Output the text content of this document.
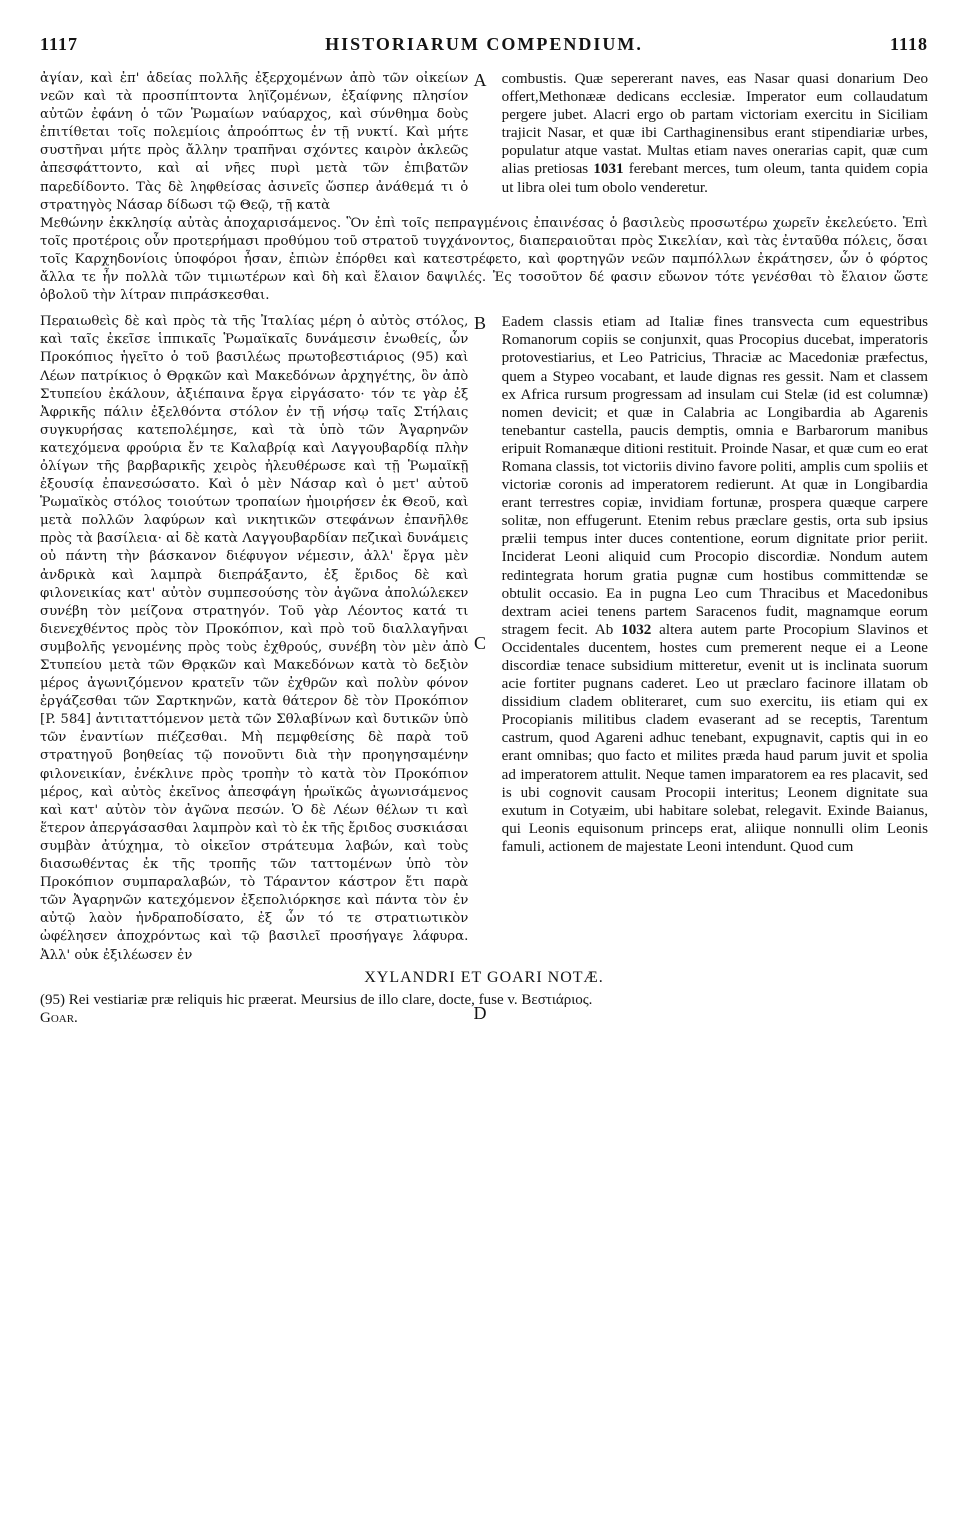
1117	HISTORIARUM COMPENDIUM.	1118

ἀγίαν, καὶ ἐπ' ἀδείας πολλῆς ἐξερχομένων ἀπὸ τῶν οἰκείων νεῶν καὶ τὰ προσπίπτοντα ληϊζομένων, ἐξαίφνης πλησίον αὐτῶν ἐφάνη ὁ τῶν Ῥωμαίων ναύαρχος, καὶ σύνθημα δοὺς ἐπιτίθεται τοῖς πολεμίοις ἀπροόπτως ἐν τῇ νυκτί. Καὶ μήτε συστῆναι μήτε πρὸς ἄλλην τραπῆναι σχόντες καιρὸν ἀκλεῶς ἀπεσφάττοντο, καὶ αἱ νῆες πυρὶ μετὰ τῶν ἐπιβατῶν παρεδίδοντο. Τὰς δὲ ληφθείσας ἀσινεῖς ὥσπερ ἀνάθεμά τι ὁ στρατηγὸς Νάσαρ δίδωσι τῷ Θεῷ, τῇ κατὰ

A	combustis. Quæ sepererant naves, eas Nasar quasi donarium Deo offert,Methonææ dedicans ecclesiæ. Imperator eum collaudatum pergere jubet. Alacri ergo ob partam victoriam exercitu in Siciliam trajicit Nasar, et quæ ibi Carthaginensibus erant stipendiariæ urbes, populatur atque vastat. Multas etiam naves onerarias capit, quæ cum alias pretiosas 1031 ferebant merces, tum oleum, tanta quidem copia ut libra olei tum obolo venderetur.

Μεθώνην ἐκκλησίᾳ αὐτὰς ἀποχαρισάμενος. Ὃν ἐπὶ τοῖς πεπραγμένοις ἐπαινέσας ὁ βασιλεὺς προσωτέρω χωρεῖν ἐκελεύετο. Ἐπὶ τοῖς προτέροις οὖν προτερήμασι προθύμου τοῦ στρατοῦ τυγχάνοντος, διαπεραιοῦται πρὸς Σικελίαν, καὶ τὰς ἐνταῦθα πόλεις, ὅσαι τοῖς Καρχηδονίοις ὑποφόροι ἦσαν, ἐπιὼν ἐπόρθει καὶ κατεστρέφετο, καὶ φορτηγῶν νεῶν παμπόλλων ἐκράτησεν, ὧν ὁ φόρτος ἄλλα τε ἦν πολλὰ τῶν τιμιωτέρων καὶ δὴ καὶ ἔλαιον δαψιλές. Ἐς τοσοῦτον δέ φασιν εὔωνον τότε γενέσθαι τὸ ἔλαιον ὥστε ὀβολοῦ τὴν λίτραν πιπράσκεσθαι.

Περαιωθεὶς δὲ καὶ πρὸς τὰ τῆς Ἰταλίας μέρη ὁ αὐτὸς στόλος, καὶ ταῖς ἐκεῖσε ἱππικαῖς Ῥωμαϊκαῖς δυνάμεσιν ἑνωθείς, ὧν Προκόπιος ἡγεῖτο ὁ τοῦ βασιλέως πρωτοβεστιάριος (95) καὶ Λέων πατρίκιος ὁ Θρᾳκῶν καὶ Μακεδόνων ἀρχηγέτης, ὃν ἀπὸ Στυπείου ἐκάλουν, ἀξιέπαινα ἔργα εἰργάσατο· τόν τε γὰρ ἐξ Ἀφρικῆς πάλιν ἐξελθόντα στόλον ἐν τῇ νήσῳ ταῖς Στήλαις συγκυρήσας κατεπολέμησε, καὶ τὰ ὑπὸ τῶν Ἀγαρηνῶν κατεχόμενα φρούρια ἔν τε Καλαβρίᾳ καὶ Λαγγουβαρδίᾳ πλὴν ὀλίγων τῆς βαρβαρικῆς χειρὸς ἠλευθέρωσε καὶ τῇ Ῥωμαϊκῇ ἐξουσίᾳ ἐπανεσώσατο. Καὶ ὁ μὲν Νάσαρ καὶ ὁ μετ' αὐτοῦ Ῥωμαϊκὸς στόλος τοιούτων τροπαίων ἠμοιρήσεν ἐκ Θεοῦ, καὶ μετὰ πολλῶν λαφύρων καὶ νικητικῶν στεφάνων ἐπανῆλθε πρὸς τὰ βασίλεια· αἱ δὲ κατὰ Λαγγουβαρδίαν πεζικαὶ δυνάμεις οὐ πάντη τὴν βάσκανον διέφυγον νέμεσιν, ἀλλ' ἔργα μὲν ἀνδρικὰ καὶ λαμπρὰ διεπράξαντο, ἐξ ἔριδος δὲ καὶ φιλονεικίας κατ' αὐτὸν συμπεσούσης τὸν ἀγῶνα ἀπολώλεκεν συνέβη τὸν μείζονα στρατηγόν. Τοῦ γὰρ Λέοντος κατά τι διενεχθέντος πρὸς τὸν Προκόπιον, καὶ πρὸ τοῦ διαλλαγῆναι συμβολῆς γενομένης πρὸς τοὺς ἐχθρούς, συνέβη τὸν μὲν ἀπὸ Στυπείου μετὰ τῶν Θρᾳκῶν καὶ Μακεδόνων κατὰ τὸ δεξιὸν μέρος ἀγωνιζόμενον κρατεῖν τῶν ἐχθρῶν καὶ πολὺν φόνον ἐργάζεσθαι τῶν Σαρτκηνῶν, κατὰ θάτερον δὲ τὸν Προκόπιον [P. 584] ἀντιταττόμενον μετὰ τῶν Σθλαβίνων καὶ δυτικῶν ὑπὸ τῶν ἐναντίων πιέζεσθαι. Μὴ πεμφθείσης δὲ παρὰ τοῦ στρατηγοῦ βοηθείας τῷ πονοῦντι διὰ τὴν προηγησαμένην φιλονεικίαν, ἐνέκλινε πρὸς τροπὴν τὸ κατὰ τὸν Προκόπιον μέρος, καὶ αὐτὸς ἐκεῖνος ἀπεσφάγη ἡρωϊκῶς ἀγωνισάμενος καὶ κατ' αὐτὸν τὸν ἀγῶνα πεσών. Ὁ δὲ Λέων θέλων τι καὶ ἕτερον ἀπεργάσασθαι λαμπρὸν καὶ τὸ ἐκ τῆς ἔριδος συσκιάσαι συμβὰν ἀτύχημα, τὸ οἰκεῖον στράτευμα λαβών, καὶ τοὺς διασωθέντας ἐκ τῆς τροπῆς τῶν ταττομένων ὑπὸ τὸν Προκόπιον συμπαραλαβών, τὸ Τάραντον κάστρον ἔτι παρὰ τῶν Ἀγαρηνῶν κατεχόμενον ἐξεπολιόρκησε καὶ πάντα τὸν ἐν αὐτῷ λαὸν ἠνδραποδίσατο, ἐξ ὧν τό τε στρατιωτικὸν ὠφέλησεν ἀποχρόντως καὶ τῷ βασιλεῖ προσήγαγε λάφυρα. Ἀλλ' οὐκ ἐξιλέωσεν ἐν

B
C
D

Eadem classis etiam ad Italiæ fines transvecta cum equestribus Romanorum copiis se conjunxit, quas Procopius ducebat, imperatoris protovestiarius, et Leo Patricius, Thraciæ ac Macedoniæ præfectus, quem a Stypeo vocabant, et laude dignas res gessit. Nam et classem ex Africa rursum progressam ad insulam cui Stelæ (id est columnæ) nomen devicit; et quæ in Calabria ac Longibardia ab Agarenis tenebantur castella, paucis demptis, omnia e Barbarorum manibus eripuit Romanæque ditioni restituit. Proinde Nasar, et quæ cum eo erat Romana classis, tot victoriis divino favore politi, amplis cum spoliis et victoriæ coronis ad imperatorem redierunt. At quæ in Longibardia erant terrestres copiæ, invidiam fortunæ, prospera quæque carpere solitæ, non effugerunt. Etenim rebus præclare gestis, orta sub ipsius prælii tempus inter duces contentione, eorum dignitate prior periit. Inciderat Leoni aliquid cum Procopio discordiæ. Nondum autem redintegrata horum gratia pugnæ cum hostibus committendæ se obtulit occasio. Ea in pugna Leo cum Thracibus et Macedonibus dextram aciei tenens partem Saracenos fudit, magnamque eorum stragem fecit. Ab 1032 altera autem parte Procopium Slavinos et Occidentales ducentem, hostes cum premerent neque ei a Leone discordiæ tenace subsidium mitteretur, evenit ut is inclinata suorum acie fortiter pugnans caderet. Leo ut præclaro facinore illatam ob dissidium cladem obliteraret, cum suo exercitu, iis etiam qui ex Procopianis militibus cladem evaserant ad se receptis, Tarentum castrum, quod Agareni adhuc tenebant, expugnavit, captis qui in eo erant omnibas; quo facto et milites præda haud parum juvit et spolia ad imperatorem attulit. Neque tamen imparatorem ea res placavit, sed is ubi cognovit causam Procopii interitus; Leonem dignitate sua exutum in Cotyæim, ubi habitare solebat, relegavit. Exinde Baianus, qui Leonis equisonum princeps erat, aliique nonnulli olim Leonis famuli, actionem de majestate Leoni intendunt. Quod cum

XYLANDRI ET GOARI NOTÆ.
(95) Rei vestiariæ præ reliquis hic præerat. Meursius de illo clare, docte, fuse v. Βεστιάριος.
Goar.
